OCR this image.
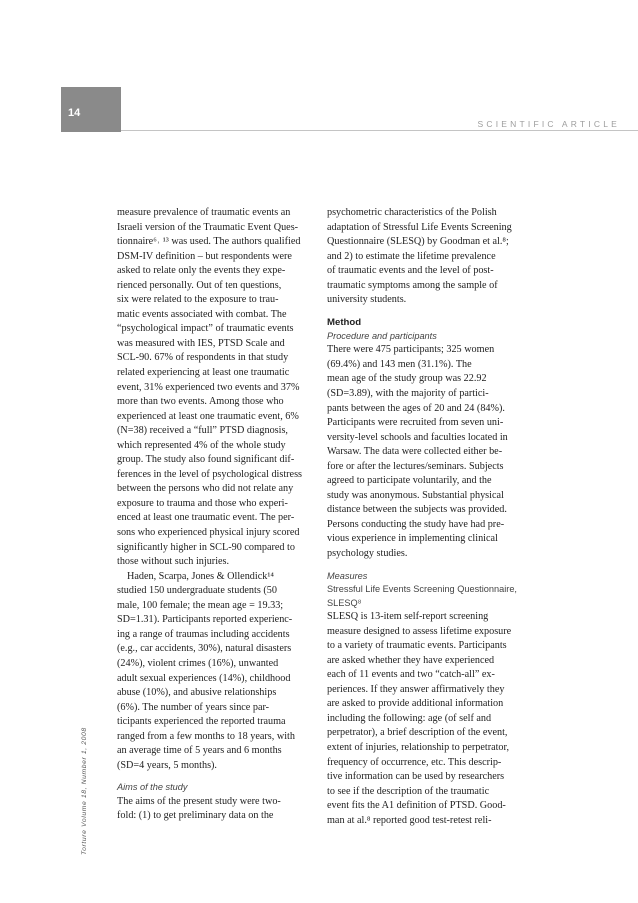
14
SCIENTIFIC ARTICLE
Torture Volume 18, Number 1, 2008
measure prevalence of traumatic events an
Israeli version of the Traumatic Event Ques-
tionnaire⁶˒ ¹³ was used. The authors qualified
DSM-IV definition – but respondents were
asked to relate only the events they expe-
rienced personally. Out of ten questions,
six were related to the exposure to trau-
matic events associated with combat. The
“psychological impact” of traumatic events
was measured with IES, PTSD Scale and
SCL-90. 67% of respondents in that study
related experiencing at least one traumatic
event, 31% experienced two events and 37%
more than two events. Among those who
experienced at least one traumatic event, 6%
(N=38) received a “full” PTSD diagnosis,
which represented 4% of the whole study
group. The study also found significant dif-
ferences in the level of psychological distress
between the persons who did not relate any
exposure to trauma and those who experi-
enced at least one traumatic event. The per-
sons who experienced physical injury scored
significantly higher in SCL-90 compared to
those without such injuries.
Haden, Scarpa, Jones & Ollendick¹⁴
studied 150 undergraduate students (50
male, 100 female; the mean age = 19.33;
SD=1.31). Participants reported experienc-
ing a range of traumas including accidents
(e.g., car accidents, 30%), natural disasters
(24%), violent crimes (16%), unwanted
adult sexual experiences (14%), childhood
abuse (10%), and abusive relationships
(6%). The number of years since par-
ticipants experienced the reported trauma
ranged from a few months to 18 years, with
an average time of 5 years and 6 months
(SD=4 years, 5 months).
Aims of the study
The aims of the present study were two-
fold: (1) to get preliminary data on the
psychometric characteristics of the Polish
adaptation of Stressful Life Events Screening
Questionnaire (SLESQ) by Goodman et al.⁸;
and 2) to estimate the lifetime prevalence
of traumatic events and the level of post-
traumatic symptoms among the sample of
university students.
Method
Procedure and participants
There were 475 participants; 325 women
(69.4%) and 143 men (31.1%). The
mean age of the study group was 22.92
(SD=3.89), with the majority of partici-
pants between the ages of 20 and 24 (84%).
Participants were recruited from seven uni-
versity-level schools and faculties located in
Warsaw. The data were collected either be-
fore or after the lectures/seminars. Subjects
agreed to participate voluntarily, and the
study was anonymous. Substantial physical
distance between the subjects was provided.
Persons conducting the study have had pre-
vious experience in implementing clinical
psychology studies.
Measures
Stressful Life Events Screening Questionnaire,
SLESQ⁸
SLESQ is 13-item self-report screening
measure designed to assess lifetime exposure
to a variety of traumatic events. Participants
are asked whether they have experienced
each of 11 events and two “catch-all” ex-
periences. If they answer affirmatively they
are asked to provide additional information
including the following: age (of self and
perpetrator), a brief description of the event,
extent of injuries, relationship to perpetrator,
frequency of occurrence, etc. This descrip-
tive information can be used by researchers
to see if the description of the traumatic
event fits the A1 definition of PTSD. Good-
man at al.⁸ reported good test-retest reli-
